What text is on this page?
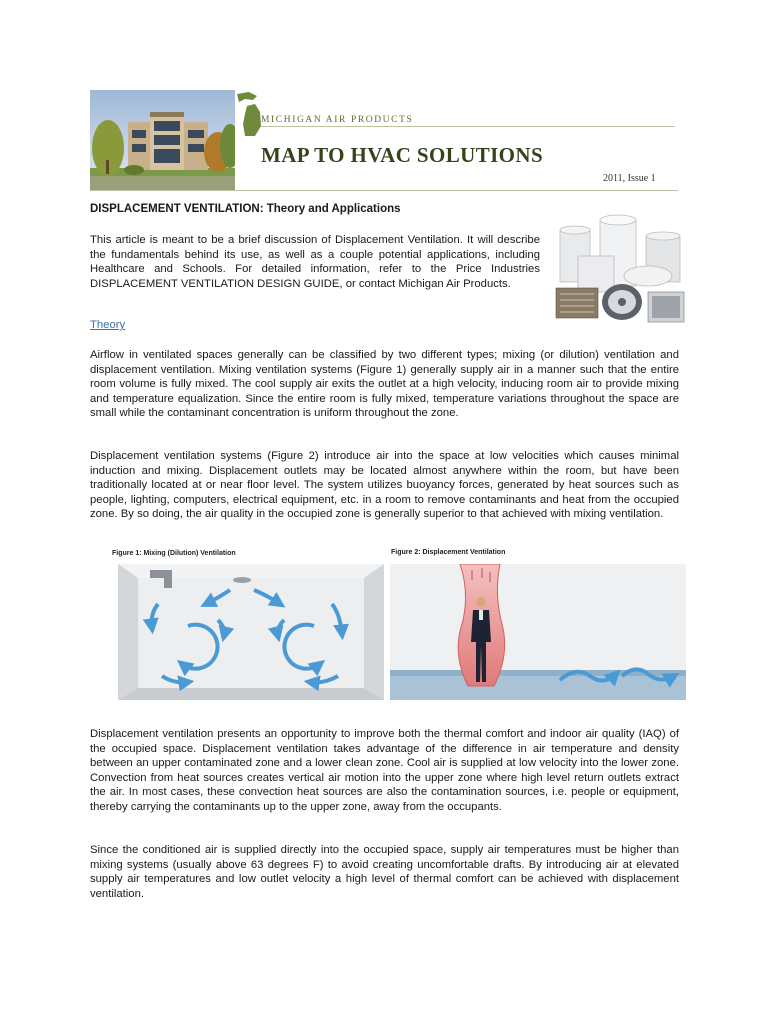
MICHIGAN AIR PRODUCTS
MAP TO HVAC SOLUTIONS
2011, Issue 1
DISPLACEMENT VENTILATION: Theory and Applications

This article is meant to be a brief discussion of Displacement Ventilation. It will describe the fundamentals behind its use, as well as a couple potential applications, including Healthcare and Schools. For detailed information, refer to the Price Industries DISPLACEMENT VENTILATION DESIGN GUIDE, or contact Michigan Air Products.

Theory

Airflow in ventilated spaces generally can be classified by two different types; mixing (or dilution) ventilation and displacement ventilation. Mixing ventilation systems (Figure 1) generally supply air in a manner such that the entire room volume is fully mixed. The cool supply air exits the outlet at a high velocity, inducing room air to provide mixing and temperature equalization. Since the entire room is fully mixed, temperature variations throughout the space are small while the contaminant concentration is uniform throughout the zone.

Displacement ventilation systems (Figure 2) introduce air into the space at low velocities which causes minimal induction and mixing. Displacement outlets may be located almost anywhere within the room, but have been traditionally located at or near floor level. The system utilizes buoyancy forces, generated by heat sources such as people, lighting, computers, electrical equipment, etc. in a room to remove contaminants and heat from the occupied zone. By so doing, the air quality in the occupied zone is generally superior to that achieved with mixing ventilation.

Figure 1: Mixing (Dilution) Ventilation	Figure 2: Displacement Ventilation

Displacement ventilation presents an opportunity to improve both the thermal comfort and indoor air quality (IAQ) of the occupied space. Displacement ventilation takes advantage of the difference in air temperature and density between an upper contaminated zone and a lower clean zone. Cool air is supplied at low velocity into the lower zone. Convection from heat sources creates vertical air motion into the upper zone where high level return outlets extract the air. In most cases, these convection heat sources are also the contamination sources, i.e. people or equipment, thereby carrying the contaminants up to the upper zone, away from the occupants.

Since the conditioned air is supplied directly into the occupied space, supply air temperatures must be higher than mixing systems (usually above 63 degrees F) to avoid creating uncomfortable drafts. By introducing air at elevated supply air temperatures and low outlet velocity a high level of thermal comfort can be achieved with displacement ventilation.
